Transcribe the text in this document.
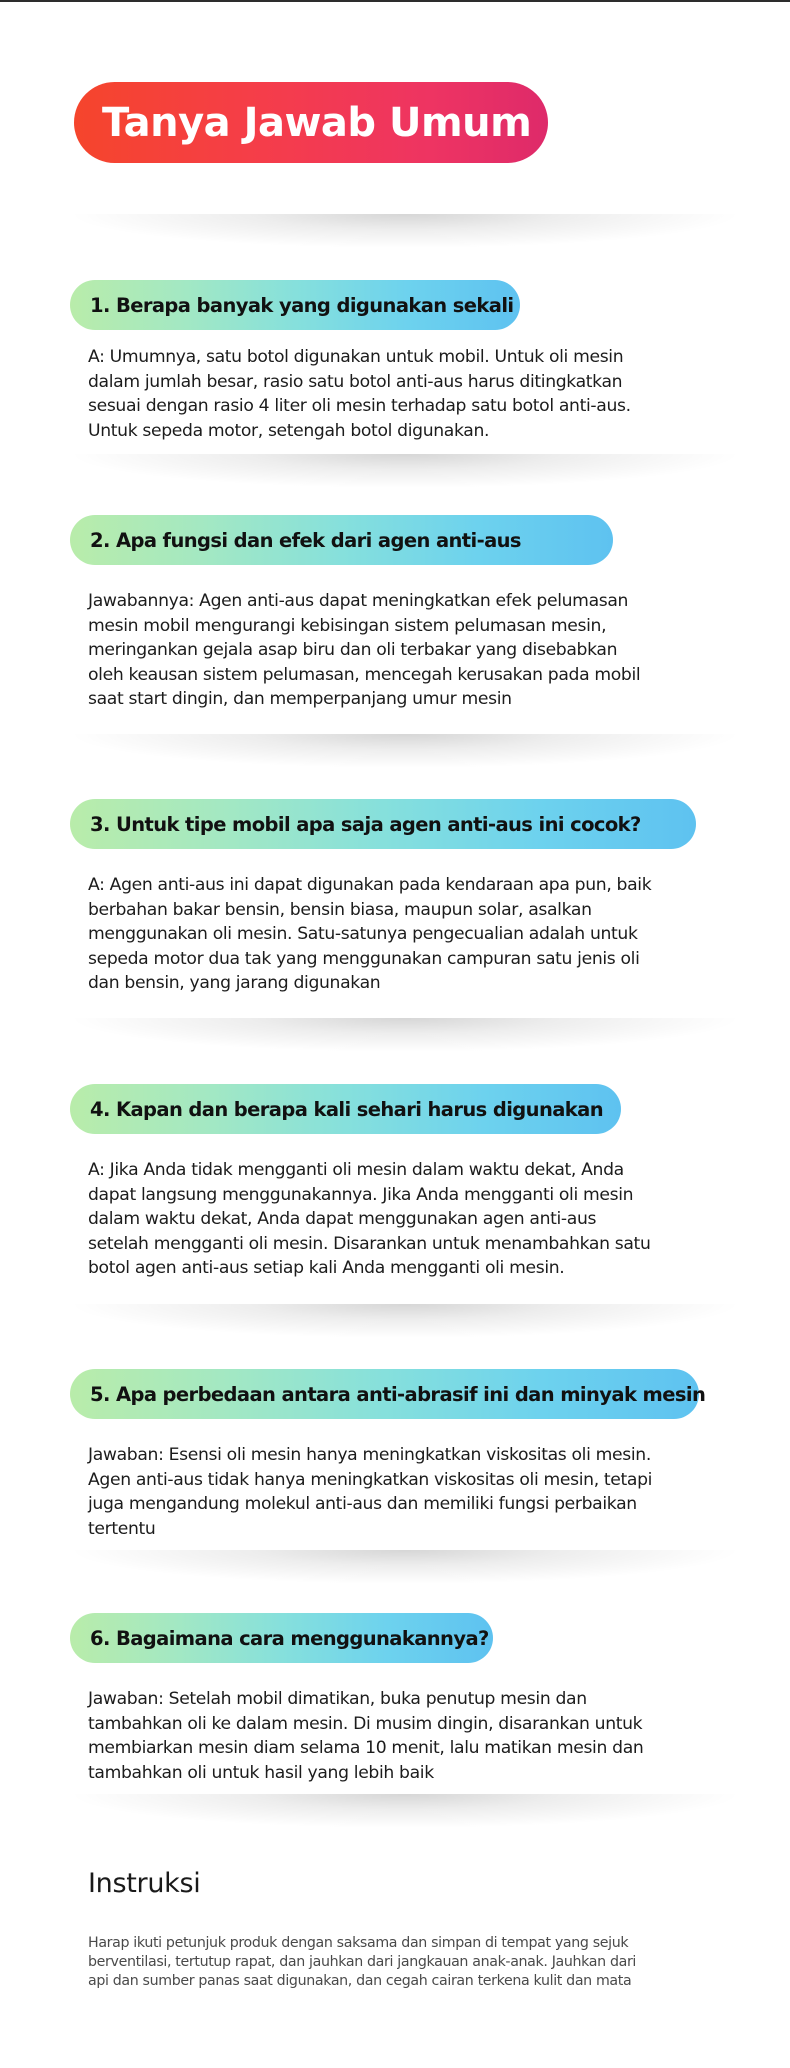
Tanya Jawab Umum
1. Berapa banyak yang digunakan sekali
A: Umumnya, satu botol digunakan untuk mobil. Untuk oli mesin
dalam jumlah besar, rasio satu botol anti-aus harus ditingkatkan
sesuai dengan rasio 4 liter oli mesin terhadap satu botol anti-aus.
Untuk sepeda motor, setengah botol digunakan.
2. Apa fungsi dan efek dari agen anti-aus
Jawabannya: Agen anti-aus dapat meningkatkan efek pelumasan
mesin mobil mengurangi kebisingan sistem pelumasan mesin,
meringankan gejala asap biru dan oli terbakar yang disebabkan
oleh keausan sistem pelumasan, mencegah kerusakan pada mobil
saat start dingin, dan memperpanjang umur mesin
3. Untuk tipe mobil apa saja agen anti-aus ini cocok?
A: Agen anti-aus ini dapat digunakan pada kendaraan apa pun, baik
berbahan bakar bensin, bensin biasa, maupun solar, asalkan
menggunakan oli mesin. Satu-satunya pengecualian adalah untuk
sepeda motor dua tak yang menggunakan campuran satu jenis oli
dan bensin, yang jarang digunakan
4. Kapan dan berapa kali sehari harus digunakan
A: Jika Anda tidak mengganti oli mesin dalam waktu dekat, Anda
dapat langsung menggunakannya. Jika Anda mengganti oli mesin
dalam waktu dekat, Anda dapat menggunakan agen anti-aus
setelah mengganti oli mesin. Disarankan untuk menambahkan satu
botol agen anti-aus setiap kali Anda mengganti oli mesin.
5. Apa perbedaan antara anti-abrasif ini dan minyak mesin
Jawaban: Esensi oli mesin hanya meningkatkan viskositas oli mesin.
Agen anti-aus tidak hanya meningkatkan viskositas oli mesin, tetapi
juga mengandung molekul anti-aus dan memiliki fungsi perbaikan
tertentu
6. Bagaimana cara menggunakannya?
Jawaban: Setelah mobil dimatikan, buka penutup mesin dan
tambahkan oli ke dalam mesin. Di musim dingin, disarankan untuk
membiarkan mesin diam selama 10 menit, lalu matikan mesin dan
tambahkan oli untuk hasil yang lebih baik
Instruksi
Harap ikuti petunjuk produk dengan saksama dan simpan di tempat yang sejuk
berventilasi, tertutup rapat, dan jauhkan dari jangkauan anak-anak. Jauhkan dari
api dan sumber panas saat digunakan, dan cegah cairan terkena kulit dan mata
